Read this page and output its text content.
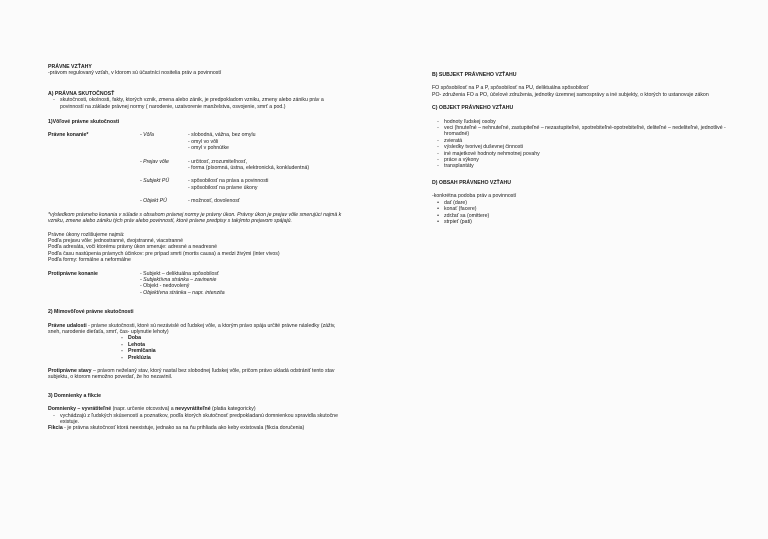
PRÁVNE VZŤAHY
-právom regulovaný vzťah, v ktorom sú účastníci nositelia práv a povinností
A) PRÁVNA SKUTOČNOSŤ
- skutočnosti, okolnosti, fakty, ktorých vznik, zmena alebo zánik, je predpokladom vzniku, zmeny alebo zániku práv a povinností na základe právnej normy ( narodenie, uzatvorenie manželstva, osvojenie, smrť a pod.)
1)Vôľové právne skutočnosti
Právne konanie*	- Vôľa	- slobodná, vážna, bez omylu
- omyl vo vôli
- omyl v pohnútke
- Prejav vôle	- určitosť, zrozumiteľnosť,
- forma (písomná, ústna, elektronická, konkludentná)
- Subjekt PÚ	- spôsobilosť na práva a povinnosti
- spôsobilosť na právne úkony
- Objekt PÚ	- možnosť, dovolenosť
*výsledkom právneho konania v súlade s obsahom právnej normy je právny úkon. Právny úkon je prejav vôle smerujúci najmä k vzniku, zmene alebo zániku tých práv alebo povinností, ktoré právne predpisy s takýmto prejavom spájajú.
Právne úkony rozlišujeme najmä:
Podľa prejavu vôle: jednostranné, dvojstranné, viacstranné
Podľa adresáta, voči ktorému právny úkon smeruje: adresné a neadresné
Podľa času nastúpenia právnych účinkov: pre prípad smrti (mortis causa) a medzi živými (inter vivos)
Podľa formy: formálne a neformálne
Protiprávne konanie	- Subjekt – deliktuálna spôsobilosť
- Subjektívna stránka – zavinenie
- Objekt - nedovolený
- Objektívna stránka – napr. intenzita
2) Mimovôľové právne skutočnosti
Právne udalosti - právne skutočnosti, ktoré sú nezávislé od ľudskej vôle, a ktorým právo spája určité právne následky (záživ, sneh, narodenie dieťaťa, smrť, čas- uplynutie lehoty)
- Doba
- Lehota
- Premlčania
- Preklúzia
Protiprávne stavy – právom neželaný stav, ktorý nastal bez slobodnej ľudskej vôle, pričom právo ukladá odstrániť tento stav subjektu, o ktorom nemožno povedať, že ho nezavinil.
3) Domnienky a fikcie
Domnienky – vyvrátiteľné (napr. určenie otcovstva) a nevyvrátiteľné (platia kategoricky)
- vychádzajú z ľudských skúseností a poznatkov, podľa ktorých skutočnosť predpokladanú domnienkou spravidla skutočne existuje.
Fikcia - je právna skutočnosť ktorá neexistuje, jednako sa na ňu prihliada ako keby existovala (fikcia doručenia)
B) SUBJEKT PRÁVNEHO VZŤAHU
FO spôsobilosť na P a P, spôsobilosť na PU, deliktuálna spôsobilosť
PO- združenia FO a PO, účelové združenia, jednotky územnej samosprávy a iné subjekty, o ktorých to ustanovuje zákon
C) OBJEKT PRÁVNEHO VZŤAHU
- hodnoty ľudskej osoby
- veci (hnuteľné – nehnuteľné, zastupiteľné – nezastupiteľné, spotrebiteľné-opotrebiteľné, deliteľné – nedeliteľné, jednotlivé -hromadné)
- zvieratá
- výsledky tvorivej duševnej činnosti
- iné majetkové hodnoty nehmotnej povahy
- práce a výkony
- transplantáty
D) OBSAH PRÁVNEHO VZŤAHU
-konkrétna podoba práv a povinností
• dať (dare)
• konať (facere)
• zdržať sa (omittere)
• strpieť (pati)
